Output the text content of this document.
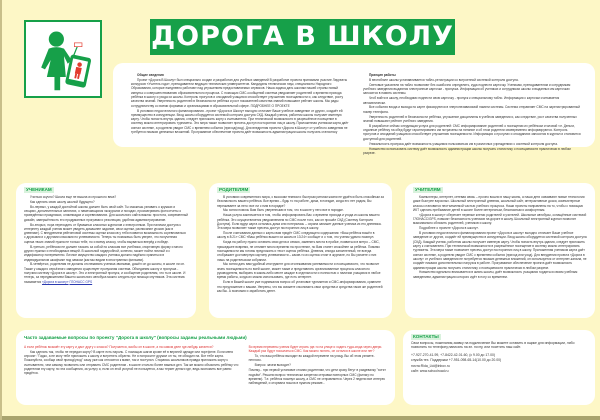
ДОРОГА В ШКОЛУ
Общие сведения

Проект «Дорога В Школу» был специально создан и разработан для учебных заведений В разработке проекта принимали участие Лауреаты конкурсов «Учитель года», преподаватели ведущих технических университетов. Кандидаты технических наук, специалисты Народного Образования, которые ежедневно работают над улучшением предоставляемых сервисов. Наша задача дать школам нашей страны новый импульс к совершенствованию образовательного процесса. С помощью СМС-сообщений система уведомляет родителей о времени прихода ребёнка в школу и ухода из школы. Контроль прогулов и опозданий учащихся способствует улучшению посещаемости и, как следствие, росту качества знаний. Уверенность родителей в безопасности ребёнка и рост показателей качества знаний повышают рейтинг школы. Мы рады сотрудничеству со всеми формами и организациями в образовательной сфере. ПОДРОБНЕЕ О ПРОЕКТЕ

В условиях недостаточного финансирования - проект «Дорога в Школу» выгодно отличает Ваше учебное заведение от других, создаёт ей преимущество в конкуренции. Вход школы оборудуется системой контроля доступа СКД. Каждый ученик, работник школы получает именную карту. Чтобы попасть внутрь здания, следует приложить карту к считывателю. При технической возможности в разрешённое посещение в систему можно интегрировать турникеты. Это мера также позволяет пресечь доступ посторонних лиц в школу. Приложенная учеником карта даёт сигнал системе, а родители увидят СМС с временем события (приход/уход). Для внедрения проекта «Дорога в Школу» от учебного заведения не требуется никаких денежных вложений. Программное обеспечение проекта даёт возможность администрации школы получать статистику

Принцип работы

В вестибюле школы устанавливается табло-регистрации со встроенной системой контроля доступа.

Световые указатели на табло позволяют без ошибочно определить, куда поднести карточку. Ученикам, преподавателям и сотрудникам учебного заведения выдаются электронные карточки - пропуска. Информация об учениках и сотрудниках школы и выданных им карточках заносится в память системы.

Чтоб войти в школу, необходимо поднести свою карточку - пропуск к специальному табло. Информация с карточки считывается автоматически.

Все события входа и выхода по карте фиксируются в энергонезависимой памяти системы. Система отправляет СМС на зарегистрированный номер телефона.

Уверенность родителей в безопасности ребёнка, улучшение дисциплины в учебном заведении и, как следствие, рост качества полученных знаний повышают рейтинг учебного заведения.

В разработке сейчас следующая услуга для родителей: СМС информирование родителей о посещении их ребёнком столовой т.е. Деньги, отданные ребёнку на обед будут гарантированно им потрачены на питание и об этом родители своевременно информируются. Контроль прогулов и опозданий учащихся способствует улучшению посещаемости. Информация о прогулах и опозданиях заносится в журнал и становится доступной для родителей.

Уникальность пропуска даёт возможность учащимся пользоваться им в различных учреждениях с системой контроля доступа.

Новшество использовать систему даёт возможность администрации школы получать статистику о посещаемости практически в любом разрезе.

УЧЕНИКАМ

Учиться скучно? Школа еще не вышла из прошлого века?

Как сделать свою школу школой будущего?

Во-первых, у каждой достойной школы должен быть свой сайт. Ты сможешь узнавать о кружках и секциях, дополнительных занятиях, о намечающихся экскурсиях и походах, просматривать фотоотчеты о проведённых праздниках, олимпиадах и соревнованиях. Для школьного сайта важны: простота, современный дизайн, завершённость его продуманных программ и резолюции, удобная администрирование.

Во-вторых, пора переходить от бумажных классных журналов к электронным. При наличии доступа к интернету каждый ученик может увидеть домашнее задание, свои оценки, расписание уроков (как в дневнике). С внедрением рейтинговой системы оценки классов у тебя появится возможность соревноваться с друзьями и с другими классами по успеваемости. Теперь ты поможешь быть уверен, что полученная оценка твоих знаний нужна не только тебе, но и всему классу, чтобы вырваться вперёд к победе.

В-третьих, ребёнком не должен таскать за собой по классам все учебники, спортивную форму и много других нужных и необходимых вещей. В школьной гардеробной, конечно, может найти личный и с индификатор попеременно. Личное имущество каждого ученика должно надёжно храниться в индивидуальном шкафчике под замком (как мы видим в иностранных фильмах).

В-четвёртых, родителям не должны отслеживать ученика звонками, дошёл он до школы, в школе ли он. Также у каждого серьёзного заведения существует пропускная система. Объединим школу и пропуска - получим систему «Дорога в школу». Это и электронный пропуск, и сообщение родителям, что ты в школе. И теперь, за передвижением Вашего школьного автобуса можно следить при помощи спутников. Эта система называется «Дорога в школу» ГЛОНАСС GPS

РОДИТЕЛЯМ

В условиях современного мира, с высоким темпом и быстрым ритмом жизни не удаётся быть спокойным за безопасность вашего ребёнка. Все время – будь то на работе, дома, в поездке, когда его нет рядом, Вы переживаете за него: все ли с ним в порядке?

Мы хотим помочь Вам быть уверенными в том, что в школе у него все в порядке.

Наша услуга заключается в том, чтобы информировать Вас о времени прихода и ухода из школы вашего ребёнка. Это осуществляется уведомлением по СМС после того, как он прошёл СКД (Систему Контроля Доступа). Если вдруг карта осталась дома или потерялась – охрана запишет данные ученика из его дневника. Эта мера позволяет также пресечь доступ посторонних лиц в школу.

После считывания данных с карты вам придёт СМС следующего содержания: «Ваш ребёнок вошёл в школу в 8:21» СМС «Ваш ребёнок вышел из школы в 13:24» сообщит и о том, что ученик удачно покинул.

Когда на работу нужно оставить свои дела и семью, заменить места в пробке, появиться в метро – СМС, пришедшее вовремя, не отнимет много времени на прочтение, но Вам станет спокойнее за ребёнка. Помимо посещаемости мы готовы предложить и текст оценок ребёнка. Дневник, иногда заполненный, не всегда отображает достоверную картину успеваемости – какие-то из оценок стоят в журнале, но Вы узнаете о них лишь на родительском собрании.

Мы хотим дать вам удобный инструмент для отслеживания успеваемости и посещаемости, что позволит знать посещаемость по всей школе, может также и представлять организованные процессы классного руководителя, выбирать в каком-либо месте каждое в отдельности и полностью о наличии учащихся в любое время работы, когда их можно использовать, где есть интернет.

Если в Вашей школе уже поднимался вопрос об установке турникетов и СМС-информирования, сравните это предложение с вашим. Уверены, что вы сможете сэкономить свои средства и средства таких же родителей как Вы. А экономия и заработать денег.

УЧИТЕЛЯМ

Компьютеры, интернет, сетевая связь – прочно вошли в нашу жизнь, а наши дети осваивают новые технологии даже быстрее взрослых. Школьный электронный дневник, школьный сайт, интерактивные доски, компьютерные классы становятся неотъемлемой частью учебного процесса. Наши проекты направлены на то, чтобы с помощью ИКТ сделать пребывание детей в школе более интересным, безопасным и комфортным.

«Дорога в школу» сберегает нервные клетки родителей и учителей. Школьные автобусы, оснащённые системой ГЛОНАСС/GPS, повысят безопасность учеников на дороге в школу. Школьный электронный журнал позволит максимально сблизить родителей, учеников и школу.

Подробнее о проекте «Дорога в школу».

В условиях недостаточного финансирования проект «Дорога в школу» выгодно отличает Ваше учебное заведение от других, создаёт ей преимущество в конкуренции. Вход школы оборудуется системой контроля доступа (СКД). Каждый ученик, работник школы получает именную карту. Чтобы попасть внутрь здания, следует приложить карту к считывателю. При технической возможности в разрешённое посещение в систему можно интегрировать турникеты. Эта мера также позволяет пресечь доступ посторонних лиц в школу. Приложенная учеником карта даёт сигнал системе, а родители увидят СМС с временем события (приход или уход). Для внедрения проекта «Дорога в школу» от учебного заведения не потребуется никаких денежных вложений, он используется от интернет-канала, не создаёт никаких дополнительных нагрузок в работе. Программное обеспечение проекта даёт возможность администрации школы получать статистику о посещаемости практически в любом разрезе.

Новшество идеально вписывается в жизнь школы, даёт возможность учащимся гордиться своим учебным заведением, администрация которого идёт в ногу со временем.

Часто задаваемые вопросы по проекту "Дорога в школу" (вопросы заданы реальными людьми)

А если ребёнок возьмёт эту карту и даст другу с класса? Получается, якобы он в школе, а на самом деле где-нибудь катается?

Как сделать так, чтобы не передал карту? В карте есть пароль. С помощью шагов кроме её в верхней одежде или портфеле. Если меня спросят: "Гадко, а не могу тебе приложить к школу и встретить обратно. Не я попросил» дружил он ты, не обходил на. Вот тебе карта. Пожалуйста, сообщи свой приход/уход" сашу уже как относится к маме, так и поступил. Стараюсь школьников правда приложить карту к считывателю, чем самому позвонить или отправить СМС родителям - в школе стольно более важных дел. Так же можно объяснить ребёнку что родителям эту карту, но эта сообщения, за услугу и, если он этой услугой не пользуется, а мы теряет деньги где, ведь экономить все равно придётся.

Во время перемены ученик будет играть где-то на улице и ходить туда-сюда через двери. Каждый раз будут посылаться СМС. Как можно понять, он остался в школе или нет?

То, что ваш ребёнок выходит во каждой перемене на улицу. Вы об этом узнаете- неплохо.

Вопрос: зачем выходит?

Почему... при первой установке стоимо родителям, что дети сразу бегут в раздевалку "хотят подъём". Решили вопрос технически запретом отправки повторных СМС (фильтр по времени). Т.е. ребёнок покинул школу, а СМС не отправляется. Через 2 недели все интерес наблюдений, и оторвана пошла в нужном режиме...

КОНТАКТЫ
Свои вопросы, пожелания,заявку на подключение Вы можете оставить в ящике для информации, либо позвонить по телефону,написать на эл. почту, или посетить наш сайт.
+7-927-270-41-99, +7-8422-42-01-60, (с 9.00 до 17.00)
служба тех. Поддержки +7-951-098-65-14(10.00 до 20.00)
почта:Rida_Ltd@inbox.ru
сайт: www.schoolroad.ru
